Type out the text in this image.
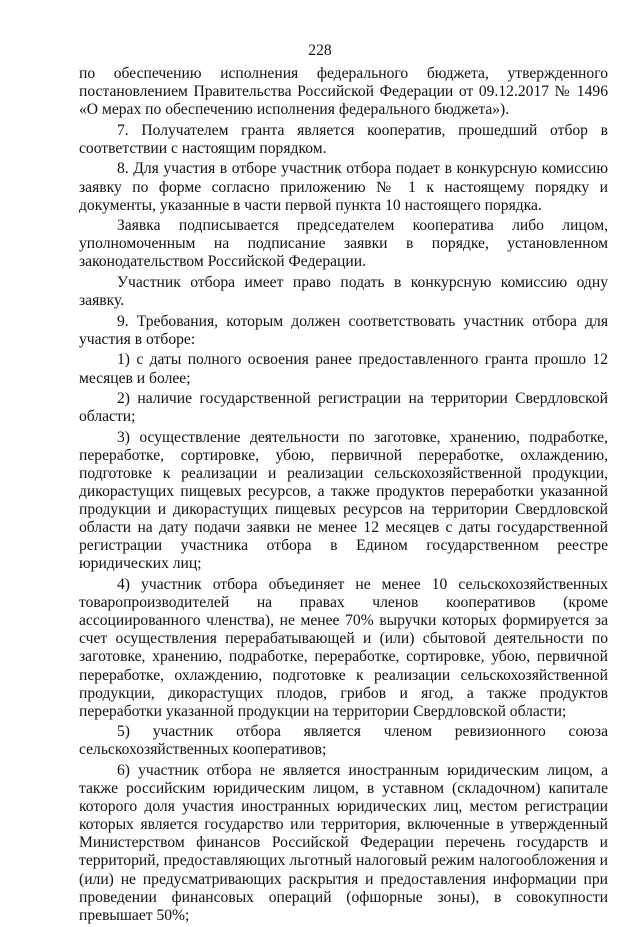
228

по обеспечению исполнения федерального бюджета, утвержденного постановлением Правительства Российской Федерации от 09.12.2017 № 1496 «О мерах по обеспечению исполнения федерального бюджета»).

7. Получателем гранта является кооператив, прошедший отбор в соответствии с настоящим порядком.

8. Для участия в отборе участник отбора подает в конкурсную комиссию заявку по форме согласно приложению № 1 к настоящему порядку и документы, указанные в части первой пункта 10 настоящего порядка.

Заявка подписывается председателем кооператива либо лицом, уполномоченным на подписание заявки в порядке, установленном законодательством Российской Федерации.

Участник отбора имеет право подать в конкурсную комиссию одну заявку.

9. Требования, которым должен соответствовать участник отбора для участия в отборе:

1) с даты полного освоения ранее предоставленного гранта прошло 12 месяцев и более;

2) наличие государственной регистрации на территории Свердловской области;

3) осуществление деятельности по заготовке, хранению, подработке, переработке, сортировке, убою, первичной переработке, охлаждению, подготовке к реализации и реализации сельскохозяйственной продукции, дикорастущих пищевых ресурсов, а также продуктов переработки указанной продукции и дикорастущих пищевых ресурсов на территории Свердловской области на дату подачи заявки не менее 12 месяцев с даты государственной регистрации участника отбора в Едином государственном реестре юридических лиц;

4) участник отбора объединяет не менее 10 сельскохозяйственных товаропроизводителей на правах членов кооперативов (кроме ассоциированного членства), не менее 70% выручки которых формируется за счет осуществления перерабатывающей и (или) сбытовой деятельности по заготовке, хранению, подработке, переработке, сортировке, убою, первичной переработке, охлаждению, подготовке к реализации сельскохозяйственной продукции, дикорастущих плодов, грибов и ягод, а также продуктов переработки указанной продукции на территории Свердловской области;

5) участник отбора является членом ревизионного союза сельскохозяйственных кооперативов;

6) участник отбора не является иностранным юридическим лицом, а также российским юридическим лицом, в уставном (складочном) капитале которого доля участия иностранных юридических лиц, местом регистрации которых является государство или территория, включенные в утвержденный Министерством финансов Российской Федерации перечень государств и территорий, предоставляющих льготный налоговый режим налогообложения и (или) не предусматривающих раскрытия и предоставления информации при проведении финансовых операций (офшорные зоны), в совокупности превышает 50%;
